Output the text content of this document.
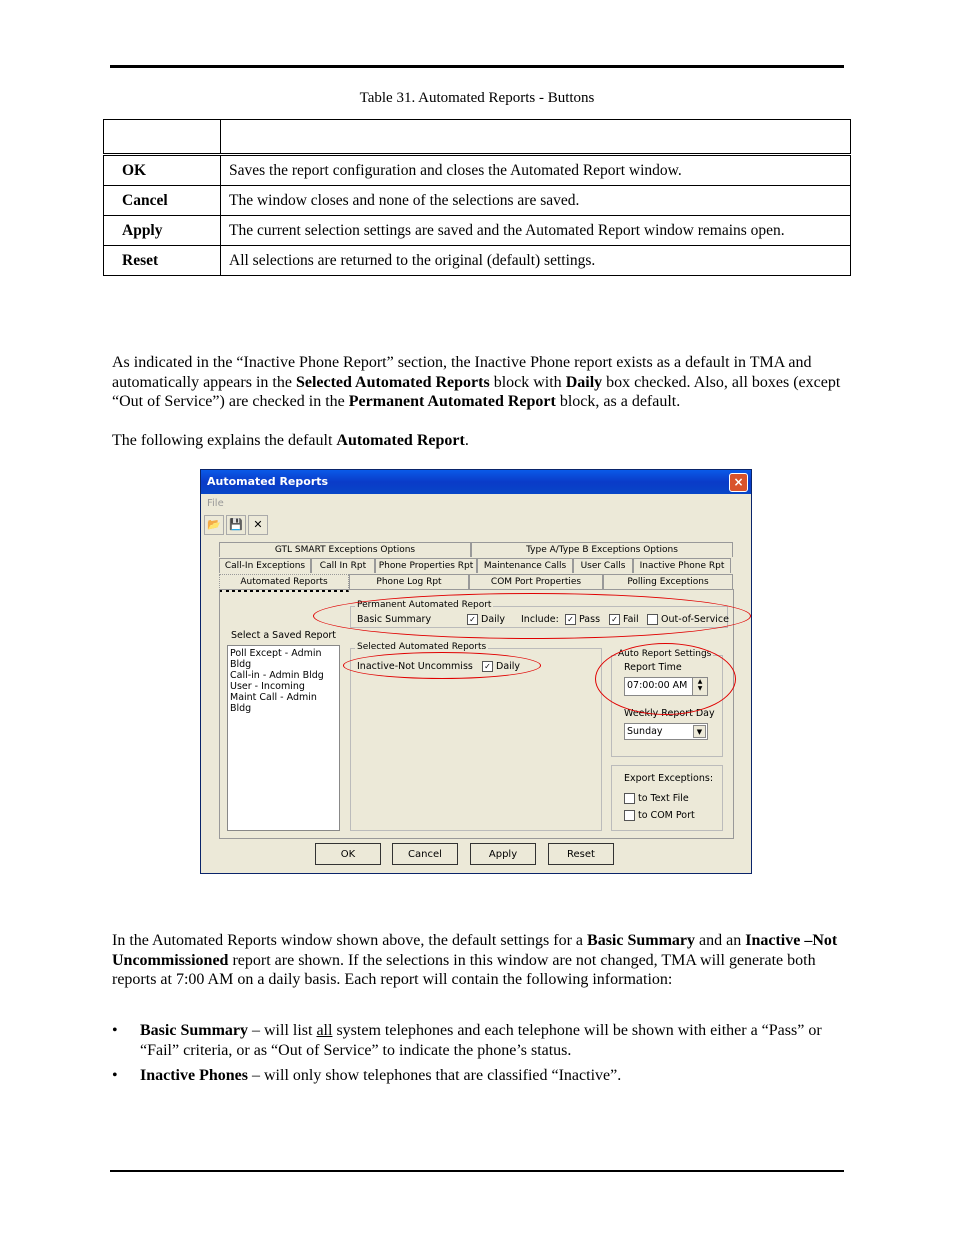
Table 31. Automated Reports - Buttons

OK	Saves the report configuration and closes the Automated Report window.
Cancel	The window closes and none of the selections are saved.
Apply	The current selection settings are saved and the Automated Report window remains open.
Reset	All selections are returned to the original (default) settings.
As indicated in the “Inactive Phone Report” section, the Inactive Phone report exists as a default in TMA and automatically appears in the Selected Automated Reports block with Daily box checked. Also, all boxes (except “Out of Service”) are checked in the Permanent Automated Report block, as a default.
The following explains the default Automated Report.
Automated Reports	×
File
📂 💾 ✕
GTL SMART Exceptions Options	Type A/Type B Exceptions Options
Call-In Exceptions	Call In Rpt	Phone Properties Rpt	Maintenance Calls	User Calls	Inactive Phone Rpt
Automated Reports	Phone Log Rpt	COM Port Properties	Polling Exceptions
Permanent Automated Report
Basic Summary	✓ Daily Include: ✓ Pass ✓ Fail	Out-of-Service
Select a Saved Report
Poll Except - Admin Bldg
Call-in - Admin Bldg
User - Incoming
Maint Call - Admin Bldg
Selected Automated Reports
Inactive-Not Uncommiss ✓ Daily
Auto Report Settings
Report Time
07:00:00 AM	▲
▼
Weekly Report Day
Sunday	▼
Export Exceptions:
to Text File
to COM Port
OK	Cancel	Apply	Reset
In the Automated Reports window shown above, the default settings for a Basic Summary and an Inactive –Not Uncommissioned report are shown. If the selections in this window are not changed, TMA will generate both reports at 7:00 AM on a daily basis. Each report will contain the following information:
• Basic Summary – will list all system telephones and each telephone will be shown with either a “Pass” or “Fail” criteria, or as “Out of Service” to indicate the phone’s status.
• Inactive Phones – will only show telephones that are classified “Inactive”.
